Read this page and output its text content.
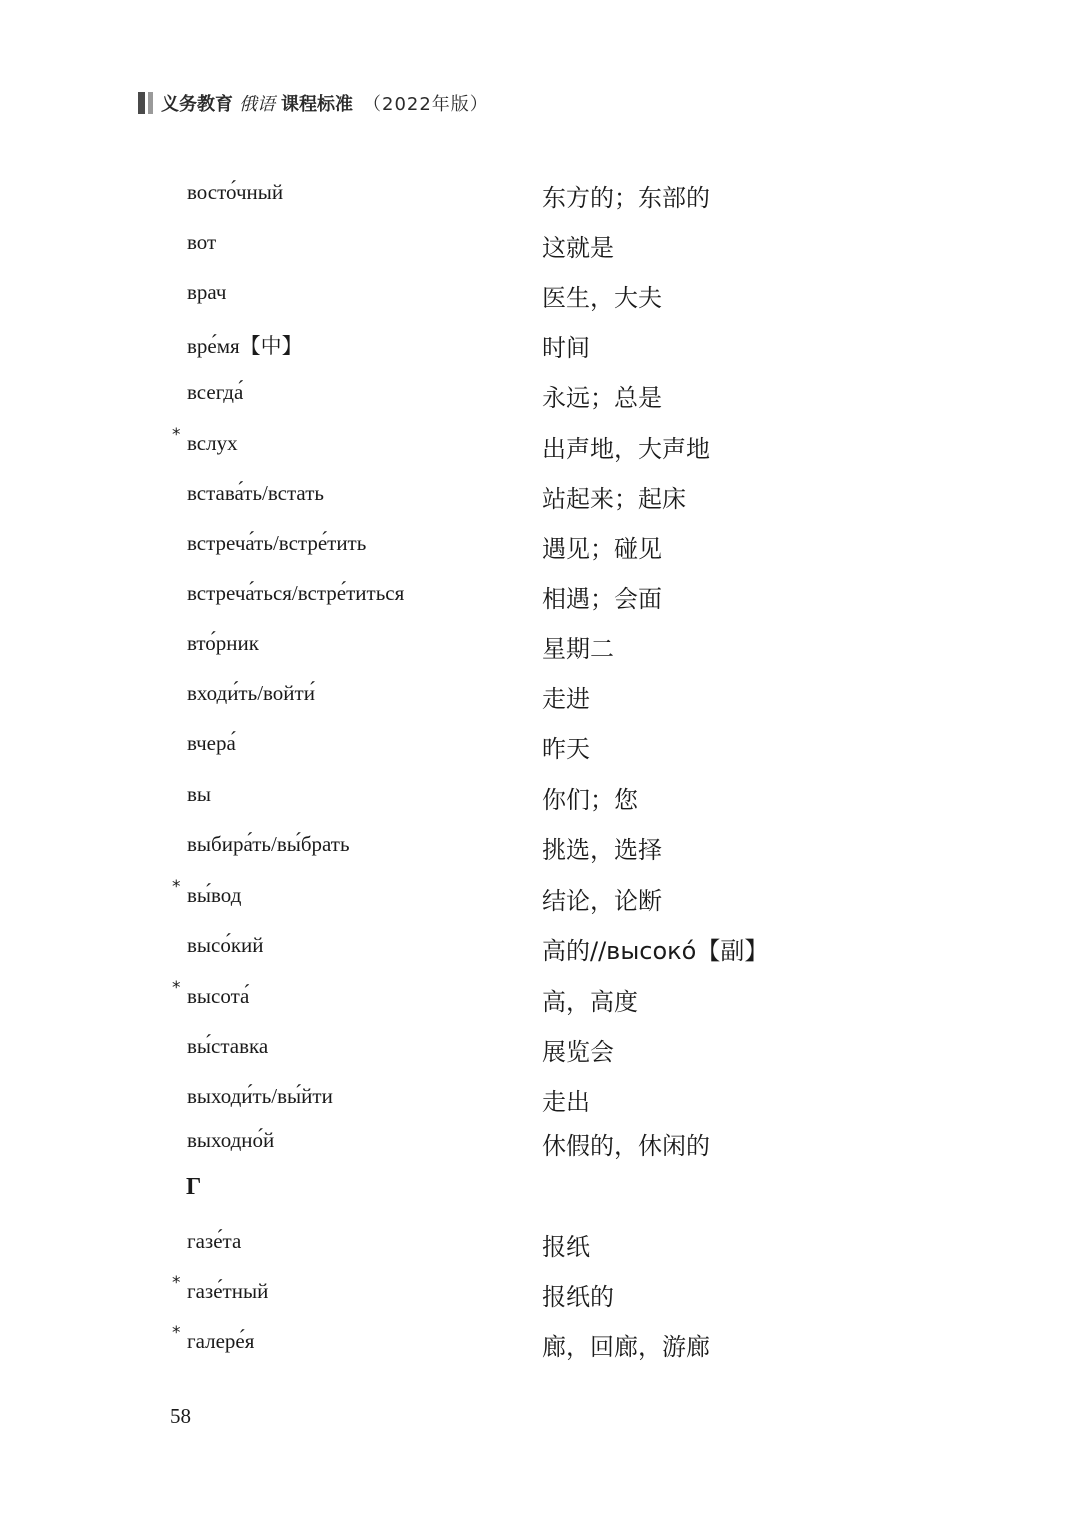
义务教育 俄语 课程标准 （2022年版）
восто́чный	东方的；东部的
вот	这就是
врач	医生，大夫
вре́мя【中】	时间
всегда́	永远；总是
* вслух	出声地，大声地
встава́ть/встать	站起来；起床
встреча́ть/встре́тить	遇见；碰见
встреча́ться/встре́титься	相遇；会面
вто́рник	星期二
входи́ть/войти́	走进
вчера́	昨天
вы	你们；您
выбира́ть/вы́брать	挑选，选择
* вы́вод	结论，论断
высо́кий	高的//высоко́【副】
* высота́	高，高度
вы́ставка	展览会
выходи́ть/вы́йти	走出
выходно́й	休假的，休闲的
Г
газе́та	报纸
* газе́тный	报纸的
* галере́я	廊，回廊，游廊
58
